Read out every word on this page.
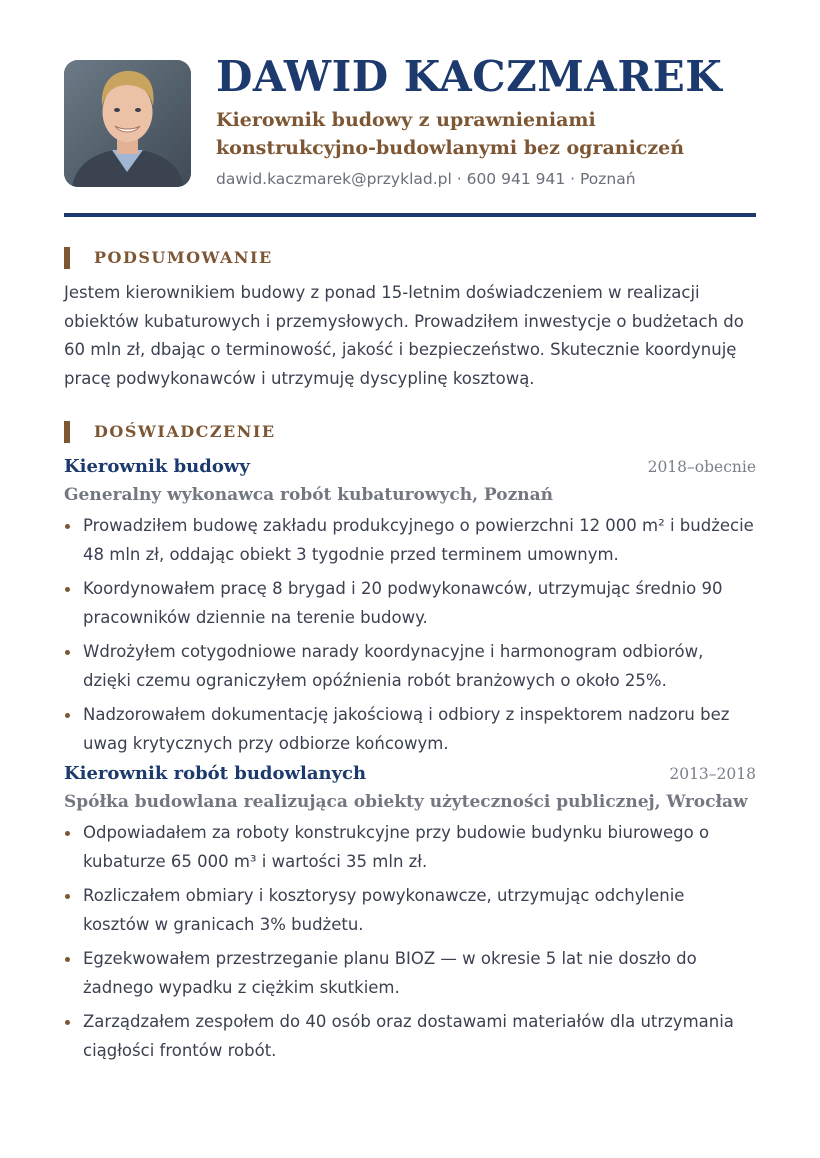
DAWID KACZMAREK

Kierownik budowy z uprawnieniami konstrukcyjno-budowlanymi bez ograniczeń

dawid.kaczmarek@przyklad.pl · 600 941 941 · Poznań

PODSUMOWANIE

Jestem kierownikiem budowy z ponad 15-letnim doświadczeniem w realizacji obiektów kubaturowych i przemysłowych. Prowadziłem inwestycje o budżetach do 60 mln zł, dbając o terminowość, jakość i bezpieczeństwo. Skutecznie koordynuję pracę podwykonawców i utrzymuję dyscyplinę kosztową.

DOŚWIADCZENIE
Kierownik budowy	2018–obecnie

Generalny wykonawca robót kubaturowych, Poznań

Prowadziłem budowę zakładu produkcyjnego o powierzchni 12 000 m² i budżecie 48 mln zł, oddając obiekt 3 tygodnie przed terminem umownym.
Koordynowałem pracę 8 brygad i 20 podwykonawców, utrzymując średnio 90 pracowników dziennie na terenie budowy.
Wdrożyłem cotygodniowe narady koordynacyjne i harmonogram odbiorów, dzięki czemu ograniczyłem opóźnienia robót branżowych o około 25%.
Nadzorowałem dokumentację jakościową i odbiory z inspektorem nadzoru bez uwag krytycznych przy odbiorze końcowym.
Kierownik robót budowlanych	2013–2018

Spółka budowlana realizująca obiekty użyteczności publicznej, Wrocław

Odpowiadałem za roboty konstrukcyjne przy budowie budynku biurowego o kubaturze 65 000 m³ i wartości 35 mln zł.
Rozliczałem obmiary i kosztorysy powykonawcze, utrzymując odchylenie kosztów w granicach 3% budżetu.
Egzekwowałem przestrzeganie planu BIOZ — w okresie 5 lat nie doszło do żadnego wypadku z ciężkim skutkiem.
Zarządzałem zespołem do 40 osób oraz dostawami materiałów dla utrzymania ciągłości frontów robót.
